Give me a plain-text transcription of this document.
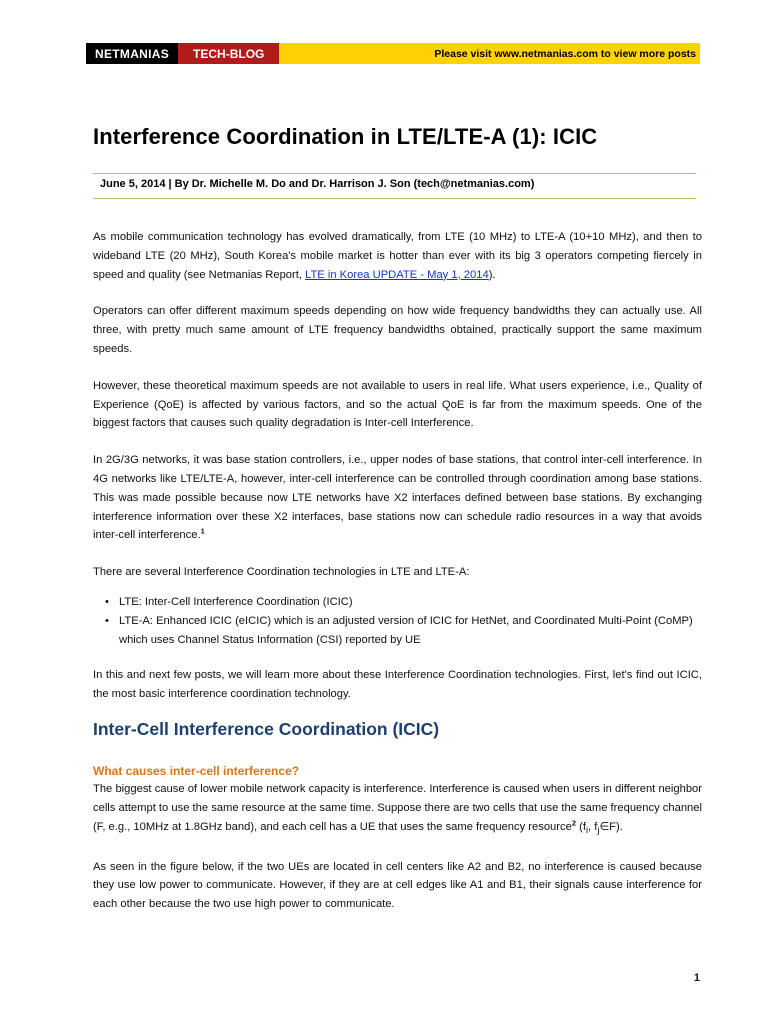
NETMANIAS	TECH-BLOG	Please visit
www.netmanias.com
to view more posts
Interference Coordination in LTE/LTE-A (1): ICIC
June 5, 2014 | By Dr. Michelle M. Do and Dr. Harrison J. Son (tech@netmanias.com)

As mobile communication technology has evolved dramatically, from LTE (10 MHz) to LTE-A (10+10 MHz), and then to wideband LTE (20 MHz), South Korea's mobile market is hotter than ever with its big 3 operators competing fiercely in speed and quality (see Netmanias Report, LTE in Korea UPDATE - May 1, 2014).

Operators can offer different maximum speeds depending on how wide frequency bandwidths they can actually use. All three, with pretty much same amount of LTE frequency bandwidths obtained, practically support the same maximum speeds.

However, these theoretical maximum speeds are not available to users in real life. What users experience, i.e., Quality of Experience (QoE) is affected by various factors, and so the actual QoE is far from the maximum speeds. One of the biggest factors that causes such quality degradation is Inter-cell Interference.

In 2G/3G networks, it was base station controllers, i.e., upper nodes of base stations, that control inter-cell interference. In 4G networks like LTE/LTE-A, however, inter-cell interference can be controlled through coordination among base stations. This was made possible because now LTE networks have X2 interfaces defined between base stations. By exchanging interference information over these X2 interfaces, base stations now can schedule radio resources in a way that avoids inter-cell interference.$^1$

There are several Interference Coordination technologies in LTE and LTE-A:

• LTE: Inter-Cell Interference Coordination (ICIC)
• LTE-A: Enhanced ICIC (eICIC) which is an adjusted version of ICIC for HetNet, and Coordinated Multi-Point (CoMP) which uses Channel Status Information (CSI) reported by UE

In this and next few posts, we will learn more about these Interference Coordination technologies. First, let's find out ICIC, the most basic interference coordination technology.

Inter-Cell Interference Coordination (ICIC)
What causes inter-cell interference?

The biggest cause of lower mobile network capacity is interference. Interference is caused when users in different neighbor cells attempt to use the same resource at the same time. Suppose there are two cells that use the same frequency channel (F, e.g., 10MHz at 1.8GHz band), and each cell has a UE that uses the same frequency resource$^2$ ($f_i$, $f_j\in F$).

As seen in the figure below, if the two UEs are located in cell centers like A2 and B2, no interference is caused because they use low power to communicate. However, if they are at cell edges like A1 and B1, their signals cause interference for each other because the two use high power to communicate.

1
